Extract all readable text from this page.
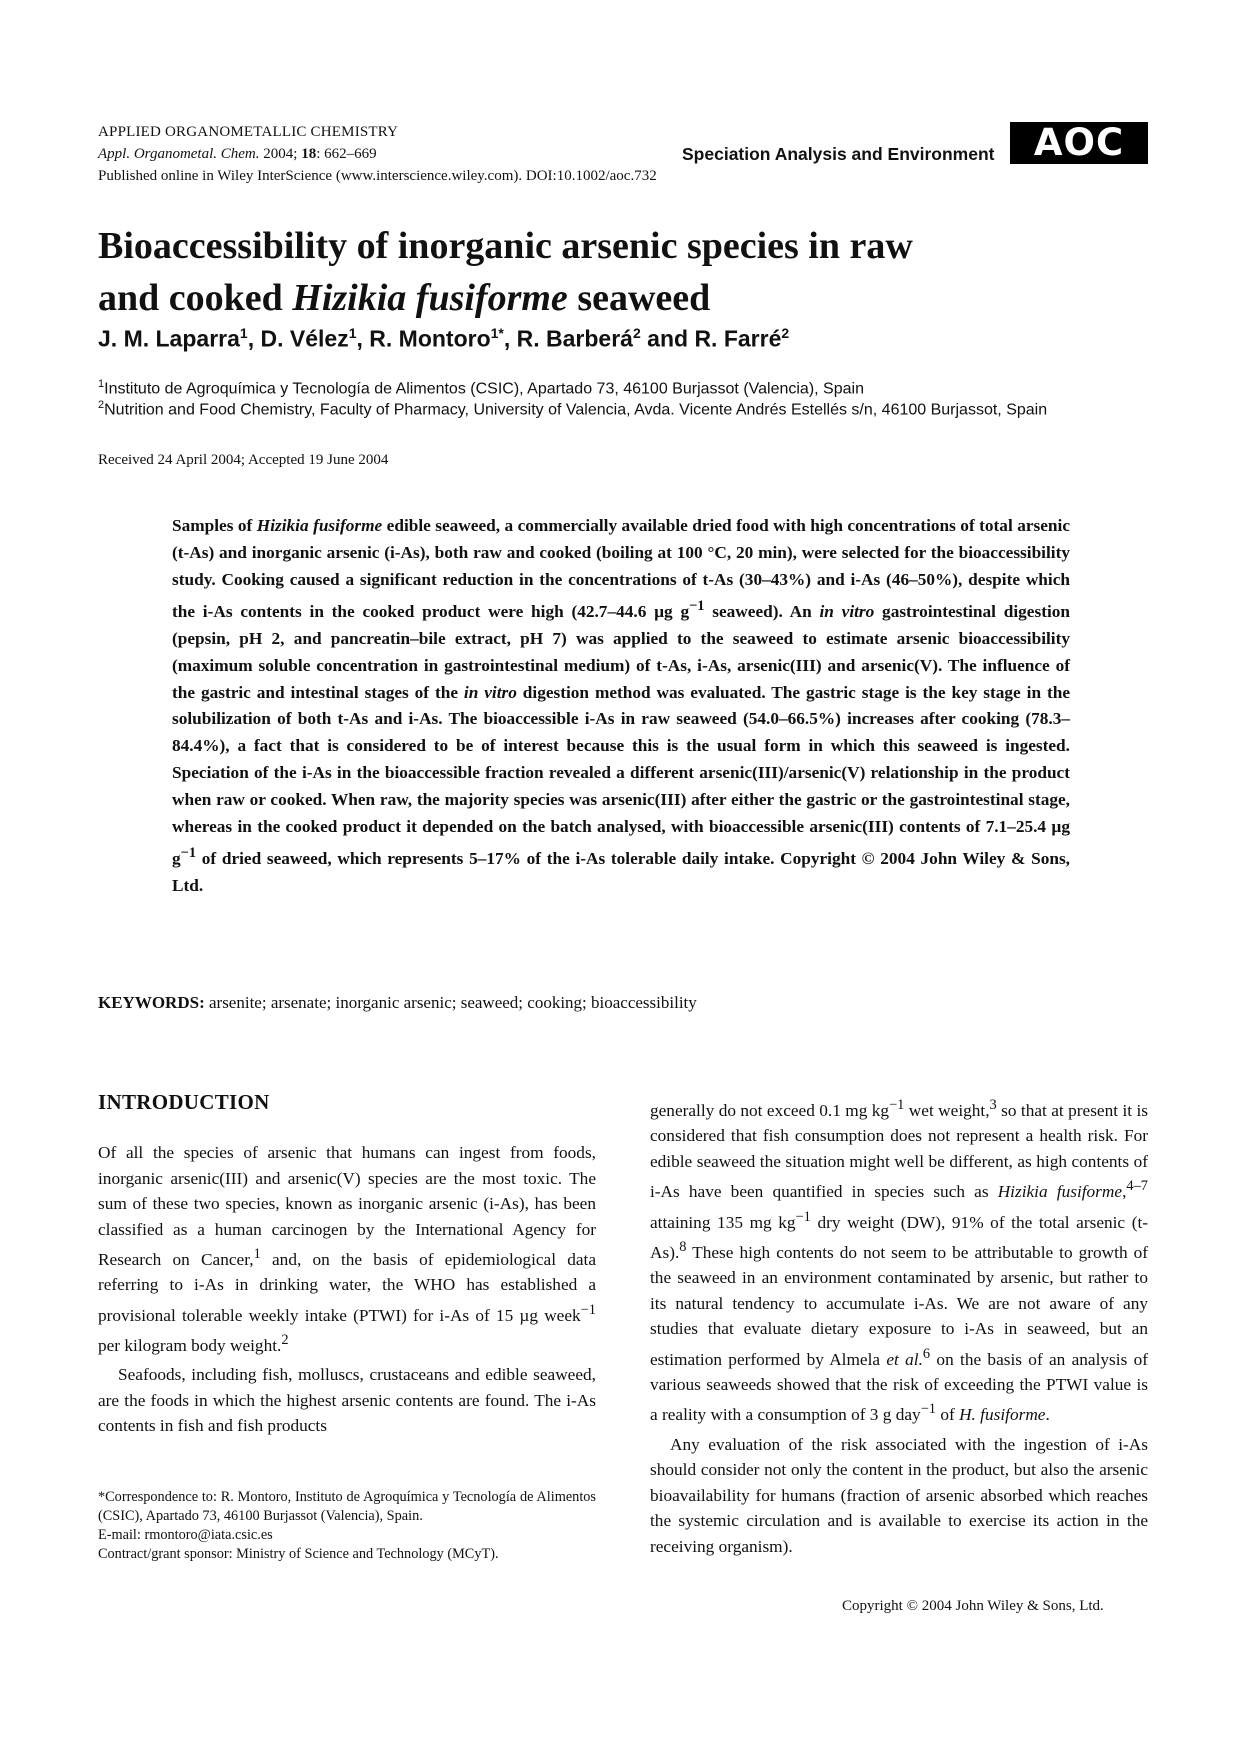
APPLIED ORGANOMETALLIC CHEMISTRY
Appl. Organometal. Chem. 2004; 18: 662–669
Published online in Wiley InterScience (www.interscience.wiley.com). DOI:10.1002/aoc.732
Speciation Analysis and Environment	AOC
Bioaccessibility of inorganic arsenic species in raw
and cooked Hizikia fusiforme seaweed
J. M. Laparra$^1$, D. Vélez$^1$, R. Montoro$^{1*}$, R. Barberá$^2$ and R. Farré$^2$
$^1$Instituto de Agroquímica y Tecnología de Alimentos (CSIC), Apartado 73, 46100 Burjassot (Valencia), Spain
$^2$Nutrition and Food Chemistry, Faculty of Pharmacy, University of Valencia, Avda. Vicente Andrés Estellés s/n, 46100 Burjassot, Spain
Received 24 April 2004; Accepted 19 June 2004
Samples of Hizikia fusiforme edible seaweed, a commercially available dried food with high concentrations of total arsenic (t-As) and inorganic arsenic (i-As), both raw and cooked (boiling at 100 °C, 20 min), were selected for the bioaccessibility study. Cooking caused a significant reduction in the concentrations of t-As (30–43%) and i-As (46–50%), despite which the i-As contents in the cooked product were high (42.7–44.6 µg $g^{-1}$ seaweed). An in vitro gastrointestinal digestion (pepsin, pH 2, and pancreatin–bile extract, pH 7) was applied to the seaweed to estimate arsenic bioaccessibility (maximum soluble concentration in gastrointestinal medium) of t-As, i-As, arsenic(III) and arsenic(V). The influence of the gastric and intestinal stages of the in vitro digestion method was evaluated. The gastric stage is the key stage in the solubilization of both t-As and i-As. The bioaccessible i-As in raw seaweed (54.0–66.5%) increases after cooking (78.3–84.4%), a fact that is considered to be of interest because this is the usual form in which this seaweed is ingested. Speciation of the i-As in the bioaccessible fraction revealed a different arsenic(III)/arsenic(V) relationship in the product when raw or cooked. When raw, the majority species was arsenic(III) after either the gastric or the gastrointestinal stage, whereas in the cooked product it depended on the batch analysed, with bioaccessible arsenic(III) contents of 7.1–25.4 µg $g^{-1}$ of dried seaweed, which represents 5–17% of the i-As tolerable daily intake. Copyright © 2004 John Wiley & Sons, Ltd.
KEYWORDS: arsenite; arsenate; inorganic arsenic; seaweed; cooking; bioaccessibility
INTRODUCTION

Of all the species of arsenic that humans can ingest from foods, inorganic arsenic(III) and arsenic(V) species are the most toxic. The sum of these two species, known as inorganic arsenic (i-As), has been classified as a human carcinogen by the International Agency for Research on Cancer,$^1$ and, on the basis of epidemiological data referring to i-As in drinking water, the WHO has established a provisional tolerable weekly intake (PTWI) for i-As of 15 µg week$^{-1}$ per kilogram body weight.$^2$

Seafoods, including fish, molluscs, crustaceans and edible seaweed, are the foods in which the highest arsenic contents are found. The i-As contents in fish and fish products

generally do not exceed 0.1 mg $kg^{-1}$ wet weight,$^3$ so that at present it is considered that fish consumption does not represent a health risk. For edible seaweed the situation might well be different, as high contents of i-As have been quantified in species such as Hizikia fusiforme,$^{4-7}$ attaining 135 mg $kg^{-1}$ dry weight (DW), 91% of the total arsenic (t-As).$^8$ These high contents do not seem to be attributable to growth of the seaweed in an environment contaminated by arsenic, but rather to its natural tendency to accumulate i-As. We are not aware of any studies that evaluate dietary exposure to i-As in seaweed, but an estimation performed by Almela et al.$^6$ on the basis of an analysis of various seaweeds showed that the risk of exceeding the PTWI value is a reality with a consumption of 3 g day$^{-1}$ of H. fusiforme.

Any evaluation of the risk associated with the ingestion of i-As should consider not only the content in the product, but also the arsenic bioavailability for humans (fraction of arsenic absorbed which reaches the systemic circulation and is available to exercise its action in the receiving organism).

*Correspondence to: R. Montoro, Instituto de Agroquímica y Tecnología de Alimentos (CSIC), Apartado 73, 46100 Burjassot (Valencia), Spain.

E-mail: rmontoro@iata.csic.es

Contract/grant sponsor: Ministry of Science and Technology (MCyT).

Copyright © 2004 John Wiley & Sons, Ltd.
